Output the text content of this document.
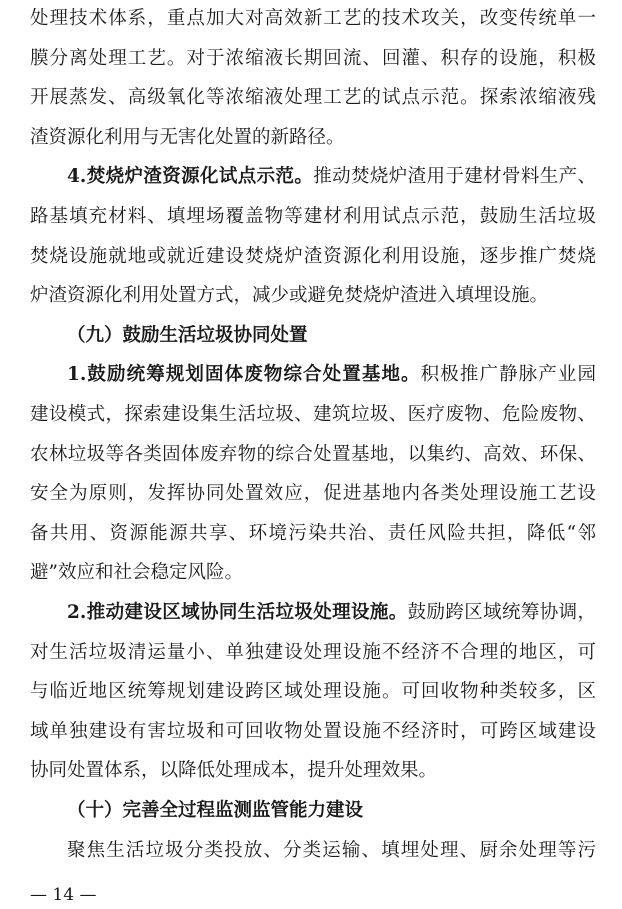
处理技术体系，重点加大对高效新工艺的技术攻关，改变传统单一
膜分离处理工艺。对于浓缩液长期回流、回灌、积存的设施，积极
开展蒸发、高级氧化等浓缩液处理工艺的试点示范。探索浓缩液残
渣资源化利用与无害化处置的新路径。
4.焚烧炉渣资源化试点示范。推动焚烧炉渣用于建材骨料生产、
路基填充材料、填埋场覆盖物等建材利用试点示范，鼓励生活垃圾
焚烧设施就地或就近建设焚烧炉渣资源化利用设施，逐步推广焚烧
炉渣资源化利用处置方式，减少或避免焚烧炉渣进入填埋设施。
（九）鼓励生活垃圾协同处置
1.鼓励统筹规划固体废物综合处置基地。积极推广静脉产业园
建设模式，探索建设集生活垃圾、建筑垃圾、医疗废物、危险废物、
农林垃圾等各类固体废弃物的综合处置基地，以集约、高效、环保、
安全为原则，发挥协同处置效应，促进基地内各类处理设施工艺设
备共用、资源能源共享、环境污染共治、责任风险共担，降低“邻
避”效应和社会稳定风险。
2.推动建设区域协同生活垃圾处理设施。鼓励跨区域统筹协调，
对生活垃圾清运量小、单独建设处理设施不经济不合理的地区，可
与临近地区统筹规划建设跨区域处理设施。可回收物种类较多，区
域单独建设有害垃圾和可回收物处置设施不经济时，可跨区域建设
协同处置体系，以降低处理成本，提升处理效果。
（十）完善全过程监测监管能力建设
聚焦生活垃圾分类投放、分类运输、填埋处理、厨余处理等污
— 14 —
